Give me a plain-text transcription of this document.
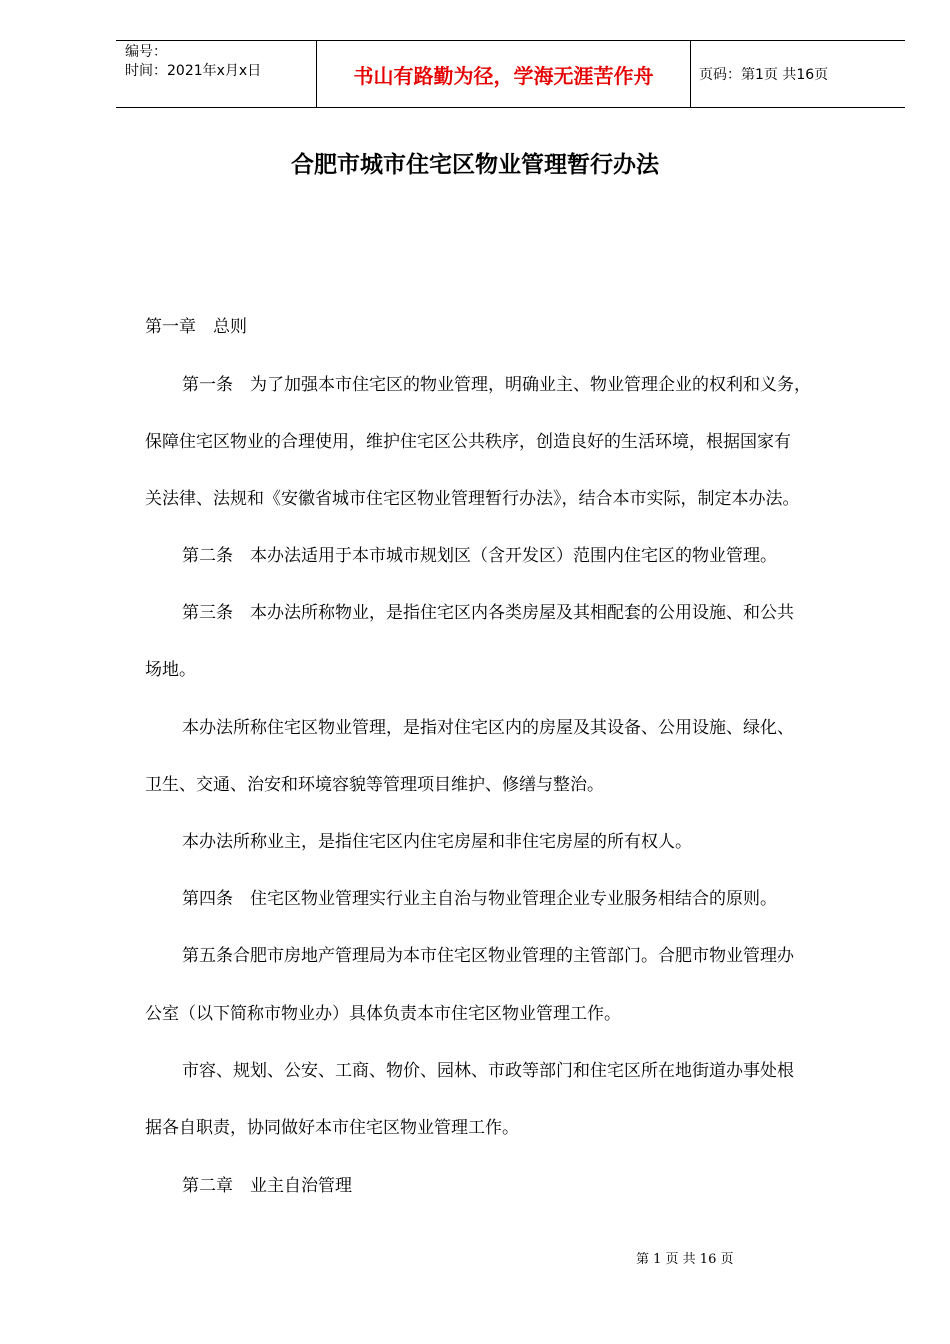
编号：
时间：2021年x月x日	书山有路勤为径，学海无涯苦作舟	页码：第1页 共16页
合肥市城市住宅区物业管理暂行办法
第一章　总则
第一条　为了加强本市住宅区的物业管理，明确业主、物业管理企业的权利和义务，
保障住宅区物业的合理使用，维护住宅区公共秩序，创造良好的生活环境，根据国家有
关法律、法规和《安徽省城市住宅区物业管理暂行办法》，结合本市实际，制定本办法。
第二条　本办法适用于本市城市规划区（含开发区）范围内住宅区的物业管理。
第三条　本办法所称物业，是指住宅区内各类房屋及其相配套的公用设施、和公共
场地。
本办法所称住宅区物业管理，是指对住宅区内的房屋及其设备、公用设施、绿化、
卫生、交通、治安和环境容貌等管理项目维护、修缮与整治。
本办法所称业主，是指住宅区内住宅房屋和非住宅房屋的所有权人。
第四条　住宅区物业管理实行业主自治与物业管理企业专业服务相结合的原则。
第五条合肥市房地产管理局为本市住宅区物业管理的主管部门。合肥市物业管理办
公室（以下简称市物业办）具体负责本市住宅区物业管理工作。
市容、规划、公安、工商、物价、园林、市政等部门和住宅区所在地街道办事处根
据各自职责，协同做好本市住宅区物业管理工作。
第二章　业主自治管理
第 1 页 共 16 页
